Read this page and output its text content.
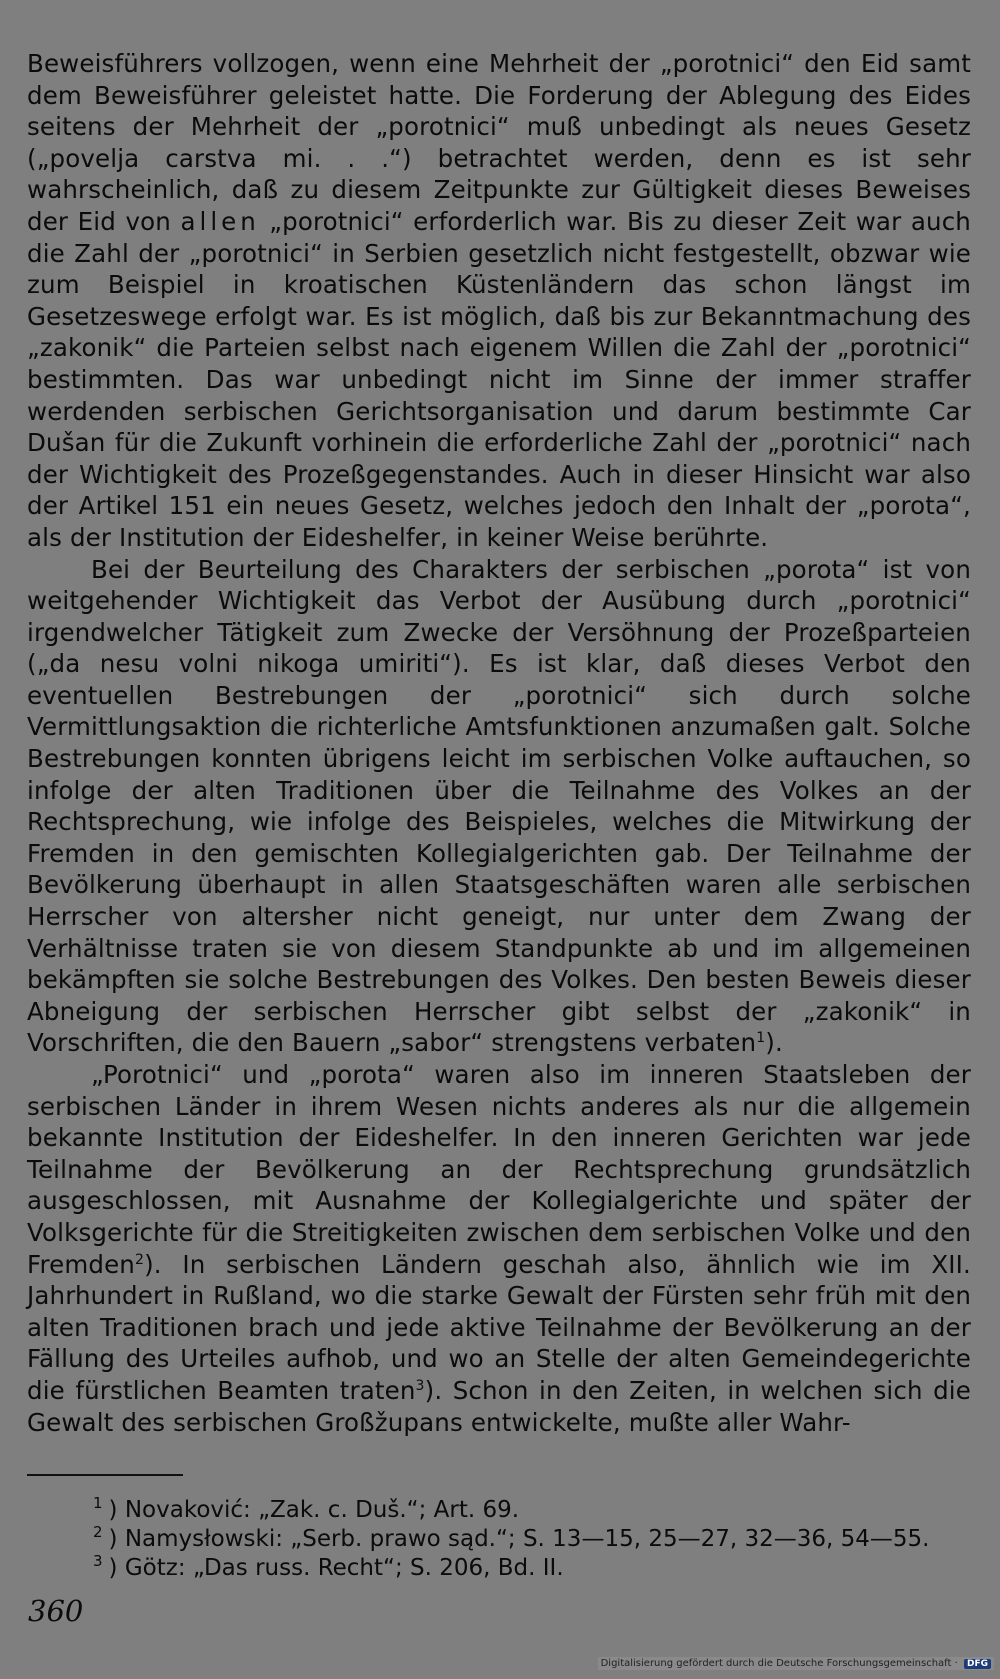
Beweisführers vollzogen, wenn eine Mehrheit der „porotnici“ den Eid samt dem Beweisführer geleistet hatte. Die Forderung der Ablegung des Eides seitens der Mehrheit der „porotnici“ muß unbedingt als neues Gesetz („povelja carstva mi. . .“) betrachtet werden, denn es ist sehr wahrscheinlich, daß zu diesem Zeitpunkte zur Gültigkeit dieses Beweises der Eid von allen „porotnici“ erforderlich war. Bis zu dieser Zeit war auch die Zahl der „porotnici“ in Serbien gesetzlich nicht festgestellt, obzwar wie zum Beispiel in kroatischen Küstenländern das schon längst im Gesetzeswege erfolgt war. Es ist möglich, daß bis zur Bekanntmachung des „zakonik“ die Parteien selbst nach eigenem Willen die Zahl der „porotnici“ bestimmten. Das war unbedingt nicht im Sinne der immer straffer werdenden serbischen Gerichtsorganisation und darum bestimmte Car Dušan für die Zukunft vorhinein die erforderliche Zahl der „porotnici“ nach der Wichtigkeit des Prozeßgegenstandes. Auch in dieser Hinsicht war also der Artikel 151 ein neues Gesetz, welches jedoch den Inhalt der „porota“, als der Institution der Eideshelfer, in keiner Weise berührte.

Bei der Beurteilung des Charakters der serbischen „porota“ ist von weitgehender Wichtigkeit das Verbot der Ausübung durch „porotnici“ irgendwelcher Tätigkeit zum Zwecke der Versöhnung der Prozeßparteien („da nesu volni nikoga umiriti“). Es ist klar, daß dieses Verbot den eventuellen Bestrebungen der „porotnici“ sich durch solche Vermittlungsaktion die richterliche Amtsfunktionen anzumaßen galt. Solche Bestrebungen konnten übrigens leicht im serbischen Volke auftauchen, so infolge der alten Traditionen über die Teilnahme des Volkes an der Rechtsprechung, wie infolge des Beispieles, welches die Mitwirkung der Fremden in den gemischten Kollegialgerichten gab. Der Teilnahme der Bevölkerung überhaupt in allen Staatsgeschäften waren alle serbischen Herrscher von altersher nicht geneigt, nur unter dem Zwang der Verhältnisse traten sie von diesem Standpunkte ab und im allgemeinen bekämpften sie solche Bestrebungen des Volkes. Den besten Beweis dieser Abneigung der serbischen Herrscher gibt selbst der „zakonik“ in Vorschriften, die den Bauern „sabor“ strengstens verbaten$^1$).

„Porotnici“ und „porota“ waren also im inneren Staatsleben der serbischen Länder in ihrem Wesen nichts anderes als nur die allgemein bekannte Institution der Eideshelfer. In den inneren Gerichten war jede Teilnahme der Bevölkerung an der Rechtsprechung grundsätzlich ausgeschlossen, mit Ausnahme der Kollegialgerichte und später der Volksgerichte für die Streitigkeiten zwischen dem serbischen Volke und den Fremden$^2$). In serbischen Ländern geschah also, ähnlich wie im XII. Jahrhundert in Rußland, wo die starke Gewalt der Fürsten sehr früh mit den alten Traditionen brach und jede aktive Teilnahme der Bevölkerung an der Fällung des Urteiles aufhob, und wo an Stelle der alten Gemeindegerichte die fürstlichen Beamten traten$^3$). Schon in den Zeiten, in welchen sich die Gewalt des serbischen Großžupans entwickelte, mußte aller Wahr-

$^1$ ) Novaković: „Zak. c. Duš.“; Art. 69.
$^2$ ) Namysłowski: „Serb. prawo sąd.“; S. 13—15, 25—27, 32—36, 54—55.
$^3$ ) Götz: „Das russ. Recht“; S. 206, Bd. II.
360
Digitalisierung gefördert durch die Deutsche Forschungsgemeinschaft · DFG
